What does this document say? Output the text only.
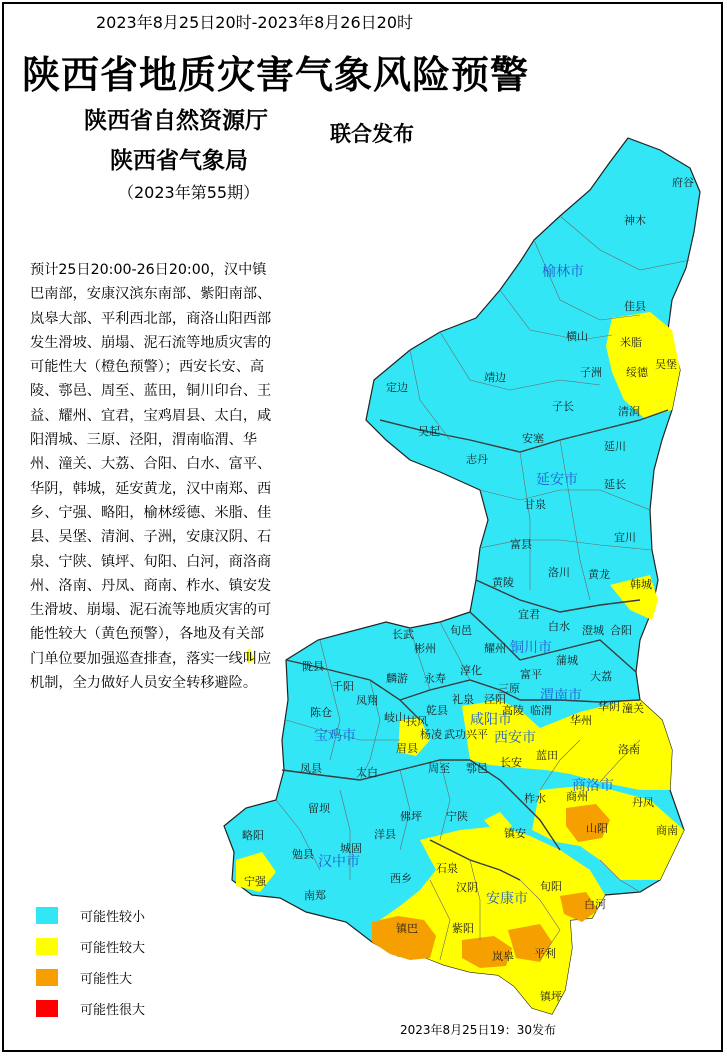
榆林市
延安市
铜川市
渭南市
宝鸡市
咸阳市
西安市
商洛市
汉中市
安康市
府谷
神木
佳县
米脂
吴堡
横山
子洲 绥德
靖边
定边
清涧
子长
吴起
安塞
延川
志丹
延长
甘泉
宜川
富县
洛川 黄龙
黄陵	韩城
宜君
白水 澄城 合阳
长武	旬邑
彬州	耀州
富平
蒲城
大荔
陇县
千阳
麟游 永寿
淳化
三原
凤翔	礼泉 泾阳
高陵 临渭
陈仓	岐山
乾县
华州
华阴 潼关
扶风
杨凌 武功 兴平
眉县
周至 鄠邑 长安
蓝田	洛南
凤县	太白
留坝
佛坪 宁陕
柞水 商州	丹凤
山阳	商南
略阳
勉县 城固
洋县
石泉
汉阴
镇安
旬阳
宁强
南郑
西乡
紫阳
白河
镇巴
岚皋 平利
镇坪
2023年8月25日20时-2023年8月26日20时
陕西省地质灾害气象风险预警
陕西省自然资源厅
陕西省气象局
联合发布
（2023年第55期）
预计25日20:00-26日20:00，汉中镇巴南部，安康汉滨东南部、紫阳南部、岚皋大部、平利西北部，商洛山阳西部发生滑坡、崩塌、泥石流等地质灾害的可能性大（橙色预警）；西安长安、高陵、鄠邑、周至、蓝田，铜川印台、王益、耀州、宜君，宝鸡眉县、太白，咸阳渭城、三原、泾阳，渭南临渭、华州、潼关、大荔、合阳、白水、富平、华阴，韩城，延安黄龙，汉中南郑、西乡、宁强、略阳，榆林绥德、米脂、佳县、吴堡、清涧、子洲，安康汉阴、石泉、宁陕、镇坪、旬阳、白河，商洛商州、洛南、丹凤、商南、柞水、镇安发生滑坡、崩塌、泥石流等地质灾害的可能性较大（黄色预警），各地及有关部门单位要加强巡查排查，落实一线叫应机制，全力做好人员安全转移避险。
可能性较小
可能性较大
可能性大
可能性很大
2023年8月25日19：30发布
